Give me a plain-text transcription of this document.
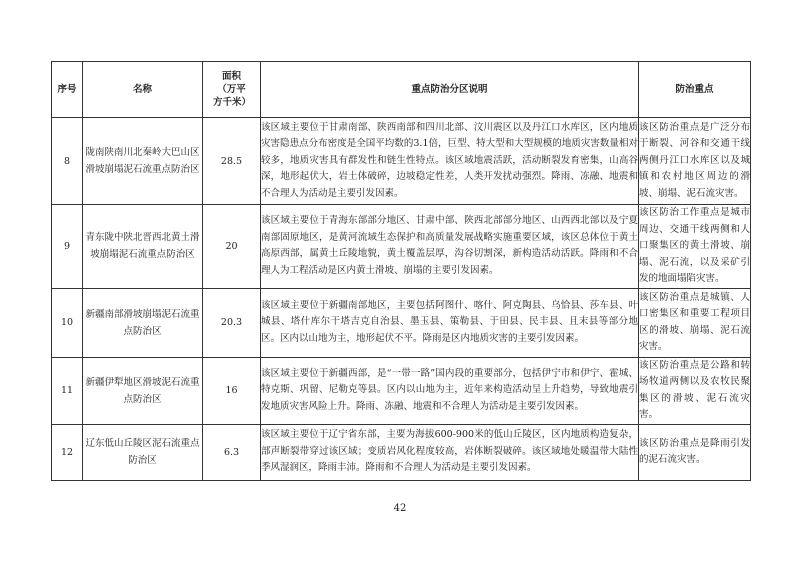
序号	名称	面积（万平方千米）	重点防治分区说明	防治重点
8	陇南陕南川北秦岭大巴山区滑坡崩塌泥石流重点防治区	28.5	该区域主要位于甘肃南部、陕西南部和四川北部、汶川震区以及丹江口水库区，区内地质灾害隐患点分布密度是全国平均数的3.1倍，巨型、特大型和大型规模的地质灾害数量相对较多，地质灾害具有群发性和链生性特点。该区域地震活跃，活动断裂发育密集，山高谷深，地形起伏大，岩土体破碎，边坡稳定性差，人类开发扰动强烈。降雨、冻融、地震和不合理人为活动是主要引发因素。	该区防治重点是广泛分布于断裂、河谷和交通干线两侧丹江口水库区以及城镇和农村地区周边的滑坡、崩塌、泥石流灾害。
9	青东陇中陕北晋西北黄土滑坡崩塌泥石流重点防治区	20	该区域主要位于青海东部部分地区、甘肃中部、陕西北部部分地区、山西西北部以及宁夏南部固原地区，是黄河流域生态保护和高质量发展战略实施重要区域，该区总体位于黄土高原西部，属黄土丘陵地貌，黄土覆盖层厚，沟谷切割深，新构造活动活跃。降雨和不合理人为工程活动是区内黄土滑坡、崩塌的主要引发因素。	该区防治工作重点是城市周边、交通干线两侧和人口聚集区的黄土滑坡、崩塌、泥石流，以及采矿引发的地面塌陷灾害。
10	新疆南部滑坡崩塌泥石流重点防治区	20.3	该区域主要位于新疆南部地区，主要包括阿图什、喀什、阿克陶县、乌恰县、莎车县、叶城县、塔什库尔干塔吉克自治县、墨玉县、策勒县、于田县、民丰县、且末县等部分地区。区内以山地为主，地形起伏不平。降雨是区内地质灾害的主要引发因素。	该区防治重点是城镇、人口密集区和重要工程项目区的滑坡、崩塌、泥石流灾害。
11	新疆伊犁地区滑坡泥石流重点防治区	16	该区域主要位于新疆西部，是“一带一路”国内段的重要部分，包括伊宁市和伊宁、霍城、特克斯、巩留、尼勒克等县。区内以山地为主，近年来构造活动呈上升趋势，导致地震引发地质灾害风险上升。降雨、冻融、地震和不合理人为活动是主要引发因素。	该区防治重点是公路和转场牧道两侧以及农牧民聚集区的滑坡、泥石流灾害。
12	辽东低山丘陵区泥石流重点防治区	6.3	该区域主要位于辽宁省东部，主要为海拔600-900米的低山丘陵区，区内地质构造复杂，部声断裂带穿过该区域；变质岩风化程度较高，岩体断裂破碎。该区域地处暖温带大陆性季风湿润区，降雨丰沛。降雨和不合理人为活动是主要引发因素。	该区防治重点是降雨引发的泥石流灾害。
42
